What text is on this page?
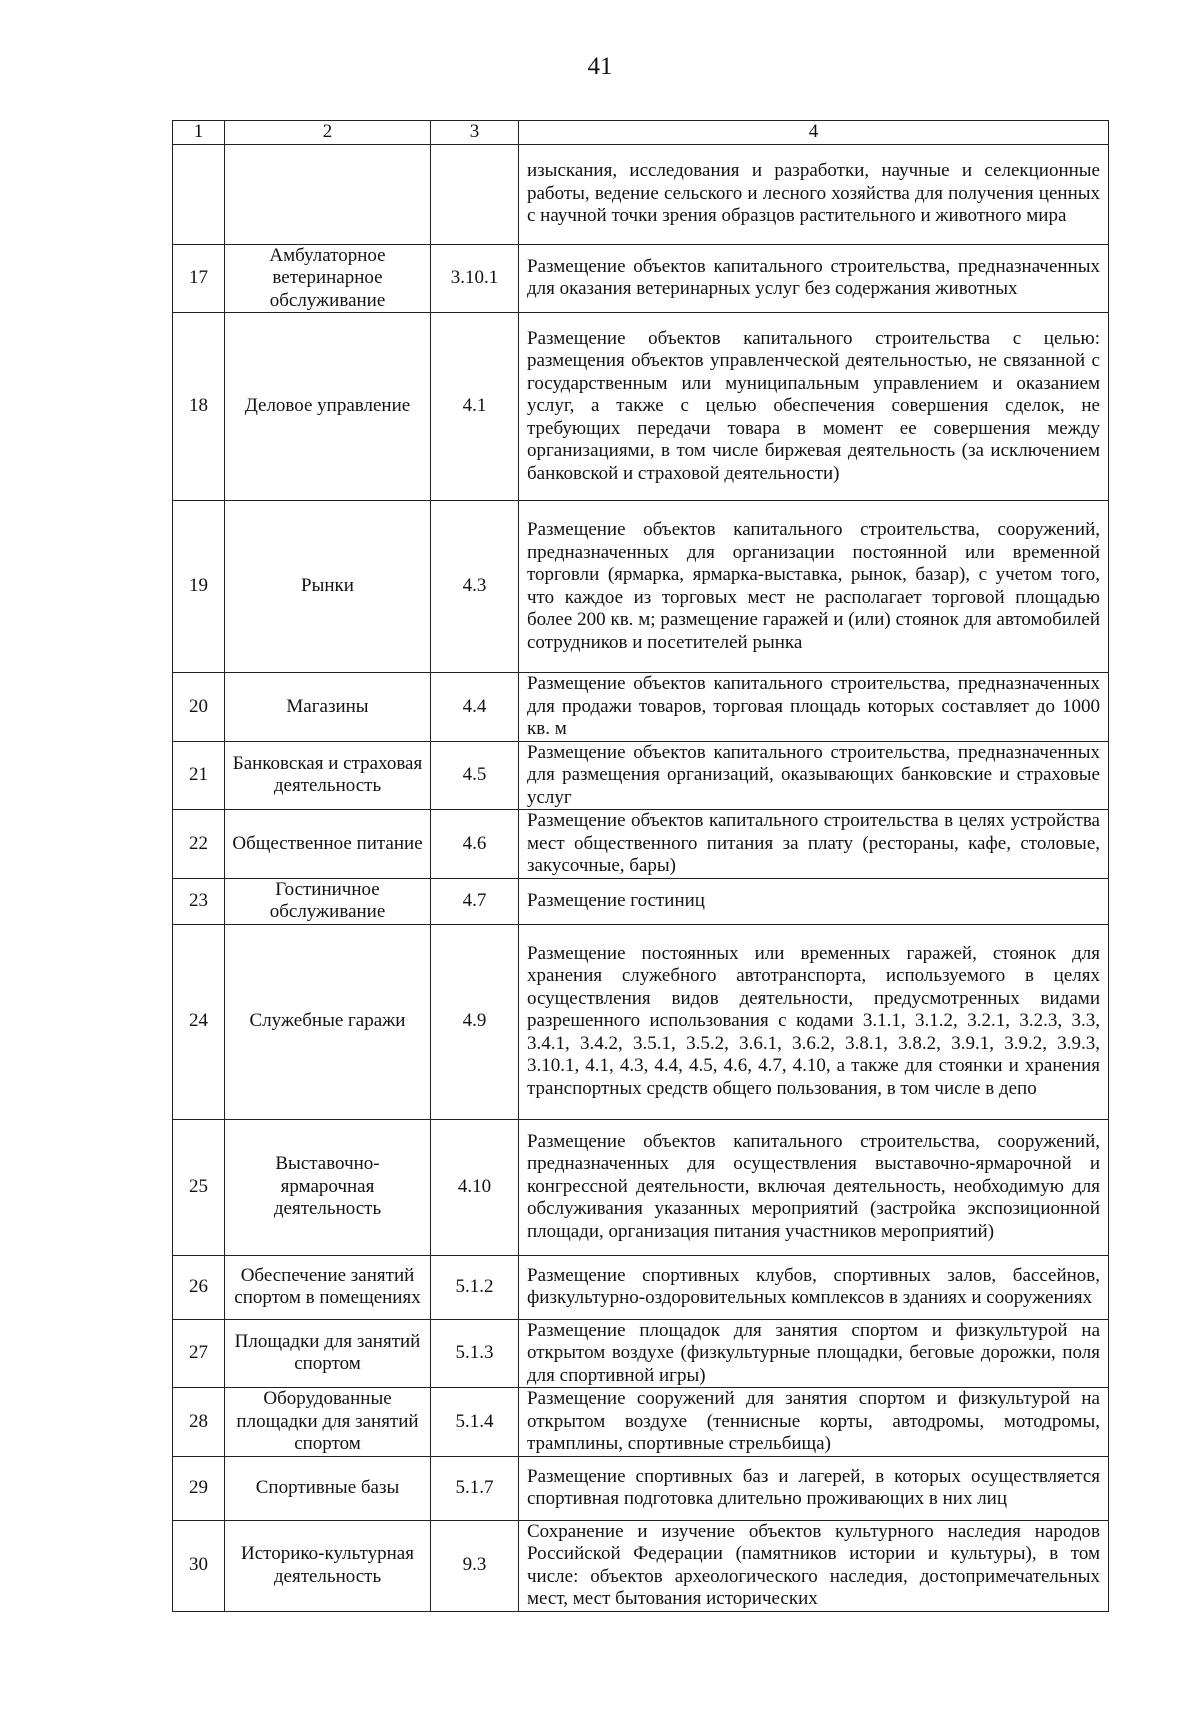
41
1	2	3	4
			изыскания, исследования и разработки, научные и селекционные работы, ведение сельского и лесного хозяйства для получения ценных с научной точки зрения образцов растительного и животного мира
17	Амбулаторное ветеринарное обслуживание	3.10.1	Размещение объектов капитального строительства, предназначенных для оказания ветеринарных услуг без содержания животных
18	Деловое управление	4.1	Размещение объектов капитального строительства с целью: размещения объектов управленческой деятельностью, не связанной с государственным или муниципальным управлением и оказанием услуг, а также с целью обеспечения совершения сделок, не требующих передачи товара в момент ее совершения между организациями, в том числе биржевая деятельность (за исключением банковской и страховой деятельности)
19	Рынки	4.3	Размещение объектов капитального строительства, сооружений, предназначенных для организации постоянной или временной торговли (ярмарка, ярмарка-выставка, рынок, базар), с учетом того, что каждое из торговых мест не располагает торговой площадью более 200 кв. м; размещение гаражей и (или) стоянок для автомобилей сотрудников и посетителей рынка
20	Магазины	4.4	Размещение объектов капитального строительства, предназначенных для продажи товаров, торговая площадь которых составляет до 1000 кв. м
21	Банковская и страховая деятельность	4.5	Размещение объектов капитального строительства, предназначенных для размещения организаций, оказывающих банковские и страховые услуг
22	Общественное питание	4.6	Размещение объектов капитального строительства в целях устройства мест общественного питания за плату (рестораны, кафе, столовые, закусочные, бары)
23	Гостиничное обслуживание	4.7	Размещение гостиниц
24	Служебные гаражи	4.9	Размещение постоянных или временных гаражей, стоянок для хранения служебного автотранспорта, используемого в целях осуществления видов деятельности, предусмотренных видами разрешенного использования с кодами 3.1.1, 3.1.2, 3.2.1, 3.2.3, 3.3, 3.4.1, 3.4.2, 3.5.1, 3.5.2, 3.6.1, 3.6.2, 3.8.1, 3.8.2, 3.9.1, 3.9.2, 3.9.3, 3.10.1, 4.1, 4.3, 4.4, 4.5, 4.6, 4.7, 4.10, а также для стоянки и хранения транспортных средств общего пользования, в том числе в депо
25	Выставочно-ярмарочная деятельность	4.10	Размещение объектов капитального строительства, сооружений, предназначенных для осуществления выставочно-ярмарочной и конгрессной деятельности, включая деятельность, необходимую для обслуживания указанных мероприятий (застройка экспозиционной площади, организация питания участников мероприятий)
26	Обеспечение занятий спортом в помещениях	5.1.2	Размещение спортивных клубов, спортивных залов, бассейнов, физкультурно-оздоровительных комплексов в зданиях и сооружениях
27	Площадки для занятий спортом	5.1.3	Размещение площадок для занятия спортом и физкультурой на открытом воздухе (физкультурные площадки, беговые дорожки, поля для спортивной игры)
28	Оборудованные площадки для занятий спортом	5.1.4	Размещение сооружений для занятия спортом и физкультурой на открытом воздухе (теннисные корты, автодромы, мотодромы, трамплины, спортивные стрельбища)
29	Спортивные базы	5.1.7	Размещение спортивных баз и лагерей, в которых осуществляется спортивная подготовка длительно проживающих в них лиц
30	Историко-культурная деятельность	9.3	Сохранение и изучение объектов культурного наследия народов Российской Федерации (памятников истории и культуры), в том числе: объектов археологического наследия, достопримечательных мест, мест бытования исторических
